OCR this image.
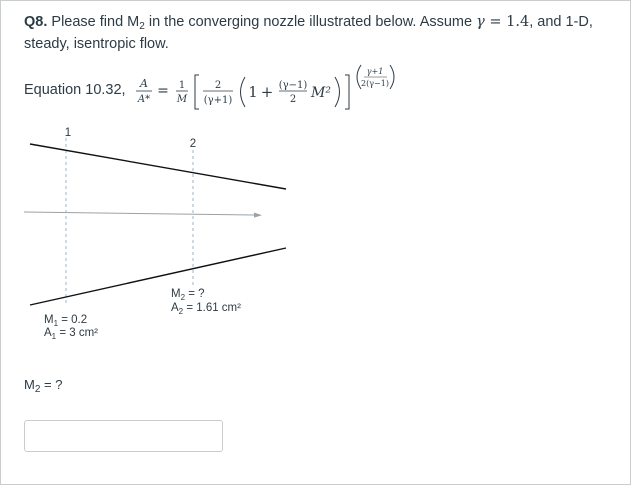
Q8. Please find $M_2$ in the converging nozzle illustrated below. Assume γ = 1.4, and 1-D, steady, isentropic flow.
Equation 10.32, A
A*
= 1
M
2
(γ+1) 1 + (γ−1)
2 M²
γ+1
2(γ−1)
1
2
$M_1 = 0.2$
$A_1 = 3$ cm²
$M_2$ = ?
$A_2 = 1.61$ cm²
$M_2$ = ?
